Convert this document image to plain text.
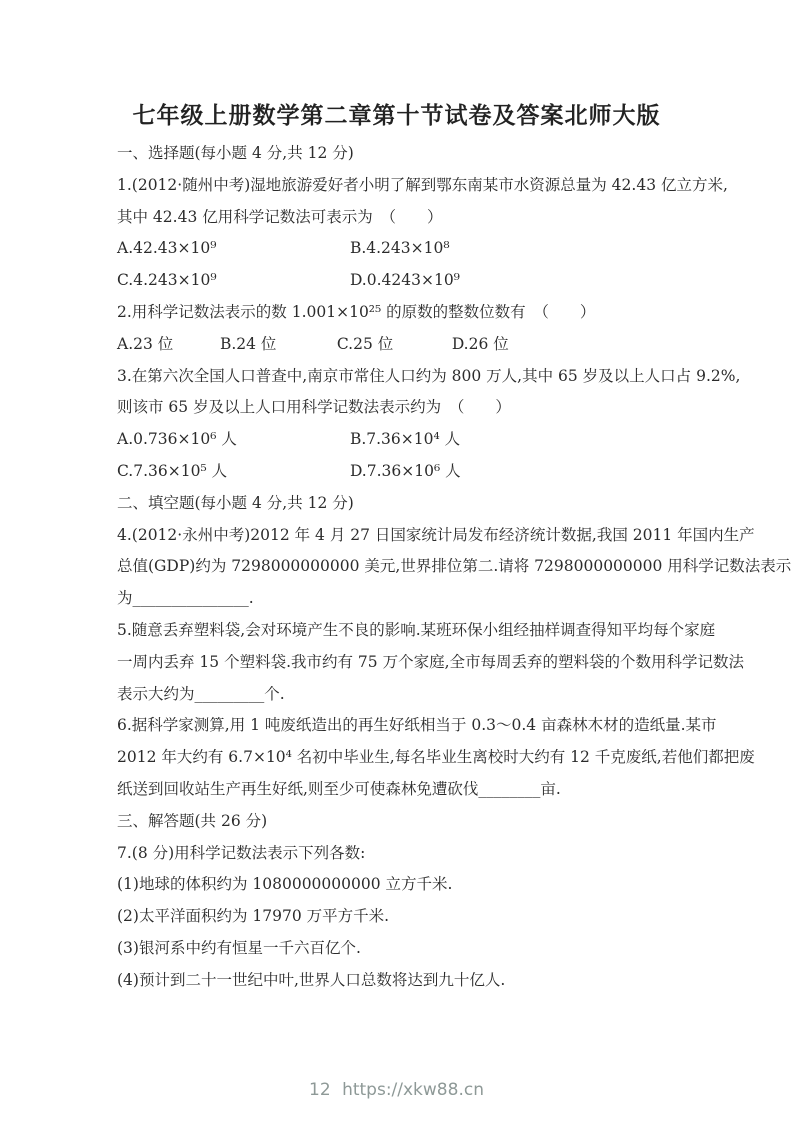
七年级上册数学第二章第十节试卷及答案北师大版
一、选择题(每小题 4 分,共 12 分)
1.(2012·随州中考)湿地旅游爱好者小明了解到鄂东南某市水资源总量为 42.43 亿立方米,
其中 42.43 亿用科学记数法可表示为　（　　）
A.42.43×10⁹	B.4.243×10⁸
C.4.243×10⁹	D.0.4243×10⁹
2.用科学记数法表示的数 1.001×10²⁵ 的原数的整数位数有　（　　）
A.23 位	B.24 位	C.25 位	D.26 位
3.在第六次全国人口普查中,南京市常住人口约为 800 万人,其中 65 岁及以上人口占 9.2%,
则该市 65 岁及以上人口用科学记数法表示约为　（　　）
A.0.736×10⁶ 人	B.7.36×10⁴ 人
C.7.36×10⁵ 人	D.7.36×10⁶ 人
二、填空题(每小题 4 分,共 12 分)
4.(2012·永州中考)2012 年 4 月 27 日国家统计局发布经济统计数据,我国 2011 年国内生产
总值(GDP)约为 7298000000000 美元,世界排位第二.请将 7298000000000 用科学记数法表示
为_______________.
5.随意丢弃塑料袋,会对环境产生不良的影响.某班环保小组经抽样调查得知平均每个家庭
一周内丢弃 15 个塑料袋.我市约有 75 万个家庭,全市每周丢弃的塑料袋的个数用科学记数法
表示大约为_________个.
6.据科学家测算,用 1 吨废纸造出的再生好纸相当于 0.3～0.4 亩森林木材的造纸量.某市
2012 年大约有 6.7×10⁴ 名初中毕业生,每名毕业生离校时大约有 12 千克废纸,若他们都把废
纸送到回收站生产再生好纸,则至少可使森林免遭砍伐________亩.
三、解答题(共 26 分)
7.(8 分)用科学记数法表示下列各数:
(1)地球的体积约为 1080000000000 立方千米.
(2)太平洋面积约为 17970 万平方千米.
(3)银河系中约有恒星一千六百亿个.
(4)预计到二十一世纪中叶,世界人口总数将达到九十亿人.
12 https://xkw88.cn
